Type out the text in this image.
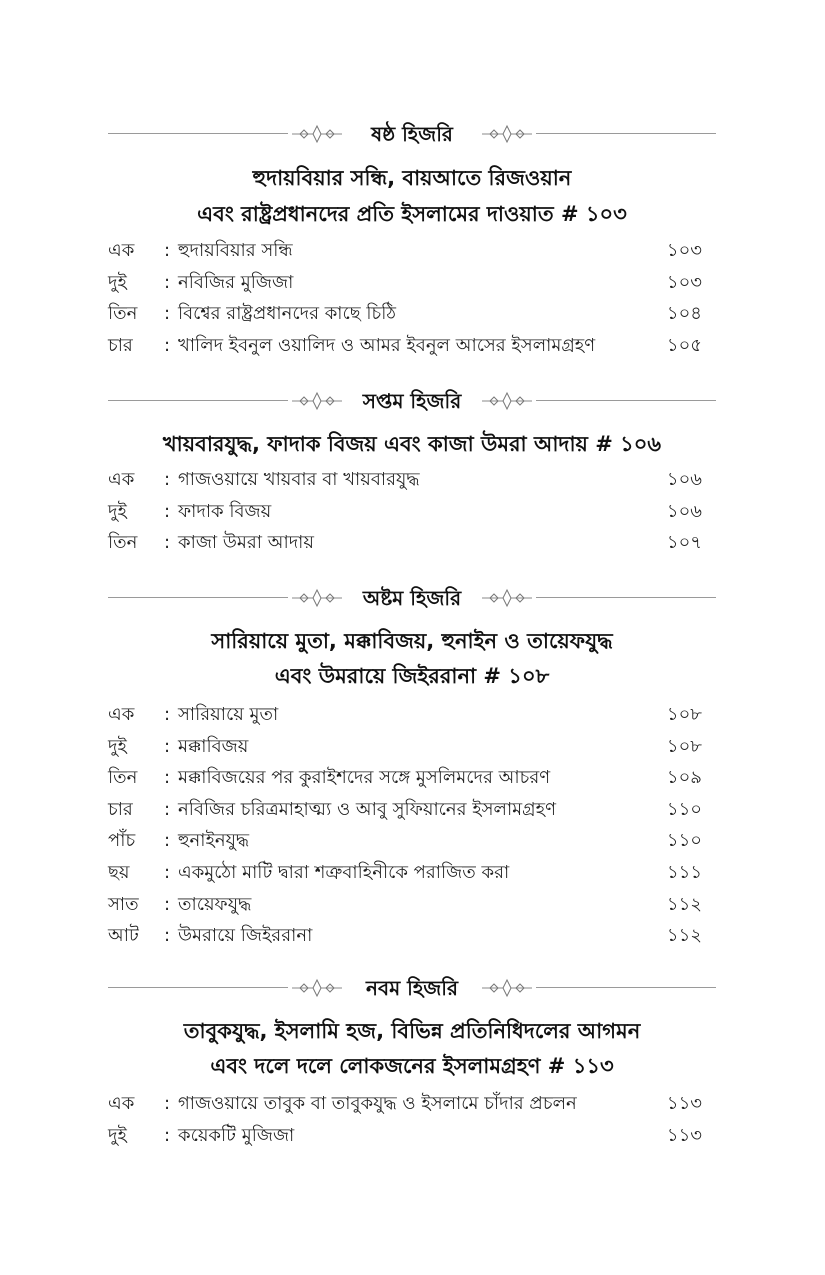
ষষ্ঠ হিজরি
হুদায়বিয়ার সন্ধি, বায়আতে রিজওয়ান
এবং রাষ্ট্রপ্রধানদের প্রতি ইসলামের দাওয়াত # ১০৩
এক	: হুদায়বিয়ার সন্ধি	১০৩
দুই	: নবিজির মুজিজা	১০৩
তিন	: বিশ্বের রাষ্ট্রপ্রধানদের কাছে চিঠি	১০৪
চার	: খালিদ ইবনুল ওয়ালিদ ও আমর ইবনুল আসের ইসলামগ্রহণ	১০৫
সপ্তম হিজরি
খায়বারযুদ্ধ, ফাদাক বিজয় এবং কাজা উমরা আদায় # ১০৬
এক	: গাজওয়ায়ে খায়বার বা খায়বারযুদ্ধ	১০৬
দুই	: ফাদাক বিজয়	১০৬
তিন	: কাজা উমরা আদায়	১০৭
অষ্টম হিজরি
সারিয়ায়ে মুতা, মক্কাবিজয়, হুনাইন ও তায়েফযুদ্ধ
এবং উমরায়ে জিইররানা # ১০৮
এক	: সারিয়ায়ে মুতা	১০৮
দুই	: মক্কাবিজয়	১০৮
তিন	: মক্কাবিজয়ের পর কুরাইশদের সঙ্গে মুসলিমদের আচরণ	১০৯
চার	: নবিজির চরিত্রমাহাত্ম্য ও আবু সুফিয়ানের ইসলামগ্রহণ	১১০
পাঁচ	: হুনাইনযুদ্ধ	১১০
ছয়	: একমুঠো মাটি দ্বারা শত্রুবাহিনীকে পরাজিত করা	১১১
সাত	: তায়েফযুদ্ধ	১১২
আট	: উমরায়ে জিইররানা	১১২
নবম হিজরি
তাবুকযুদ্ধ, ইসলামি হজ, বিভিন্ন প্রতিনিধিদলের আগমন
এবং দলে দলে লোকজনের ইসলামগ্রহণ # ১১৩
এক	: গাজওয়ায়ে তাবুক বা তাবুকযুদ্ধ ও ইসলামে চাঁদার প্রচলন	১১৩
দুই	: কয়েকটি মুজিজা	১১৩
